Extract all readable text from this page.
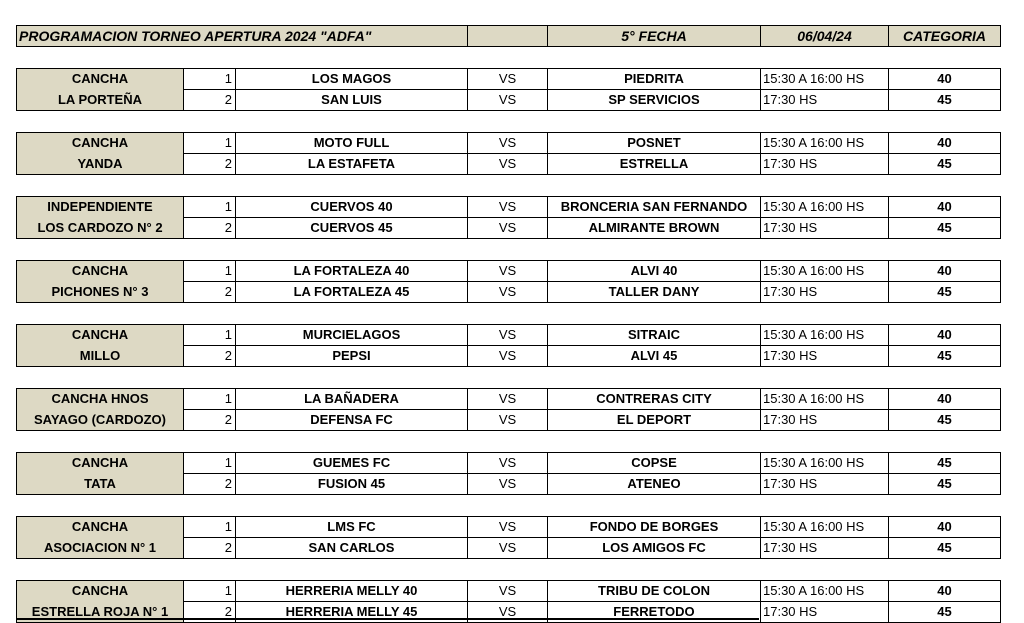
PROGRAMACION TORNEO APERTURA 2024 "ADFA"				5° FECHA	06/04/24	CATEGORIA

CANCHA	1	LOS MAGOS	VS	PIEDRITA	15:30 A 16:00 HS	40
LA PORTEÑA	2	SAN LUIS	VS	SP SERVICIOS	17:30 HS	45

CANCHA	1	MOTO FULL	VS	POSNET	15:30 A 16:00 HS	40
YANDA	2	LA ESTAFETA	VS	ESTRELLA	17:30 HS	45

INDEPENDIENTE	1	CUERVOS 40	VS	BRONCERIA SAN FERNANDO	15:30 A 16:00 HS	40
LOS CARDOZO N° 2	2	CUERVOS 45	VS	ALMIRANTE BROWN	17:30 HS	45

CANCHA	1	LA FORTALEZA 40	VS	ALVI 40	15:30 A 16:00 HS	40
PICHONES N° 3	2	LA FORTALEZA 45	VS	TALLER DANY	17:30 HS	45

CANCHA	1	MURCIELAGOS	VS	SITRAIC	15:30 A 16:00 HS	40
MILLO	2	PEPSI	VS	ALVI 45	17:30 HS	45

CANCHA HNOS	1	LA BAÑADERA	VS	CONTRERAS CITY	15:30 A 16:00 HS	40
SAYAGO (CARDOZO)	2	DEFENSA FC	VS	EL DEPORT	17:30 HS	45

CANCHA	1	GUEMES FC	VS	COPSE	15:30 A 16:00 HS	45
TATA	2	FUSION 45	VS	ATENEO	17:30 HS	45

CANCHA	1	LMS FC	VS	FONDO DE BORGES	15:30 A 16:00 HS	40
ASOCIACION N° 1	2	SAN CARLOS	VS	LOS AMIGOS FC	17:30 HS	45

CANCHA	1	HERRERIA MELLY 40	VS	TRIBU DE COLON	15:30 A 16:00 HS	40
ESTRELLA ROJA N° 1	2	HERRERIA MELLY 45	VS	FERRETODO	17:30 HS	45
